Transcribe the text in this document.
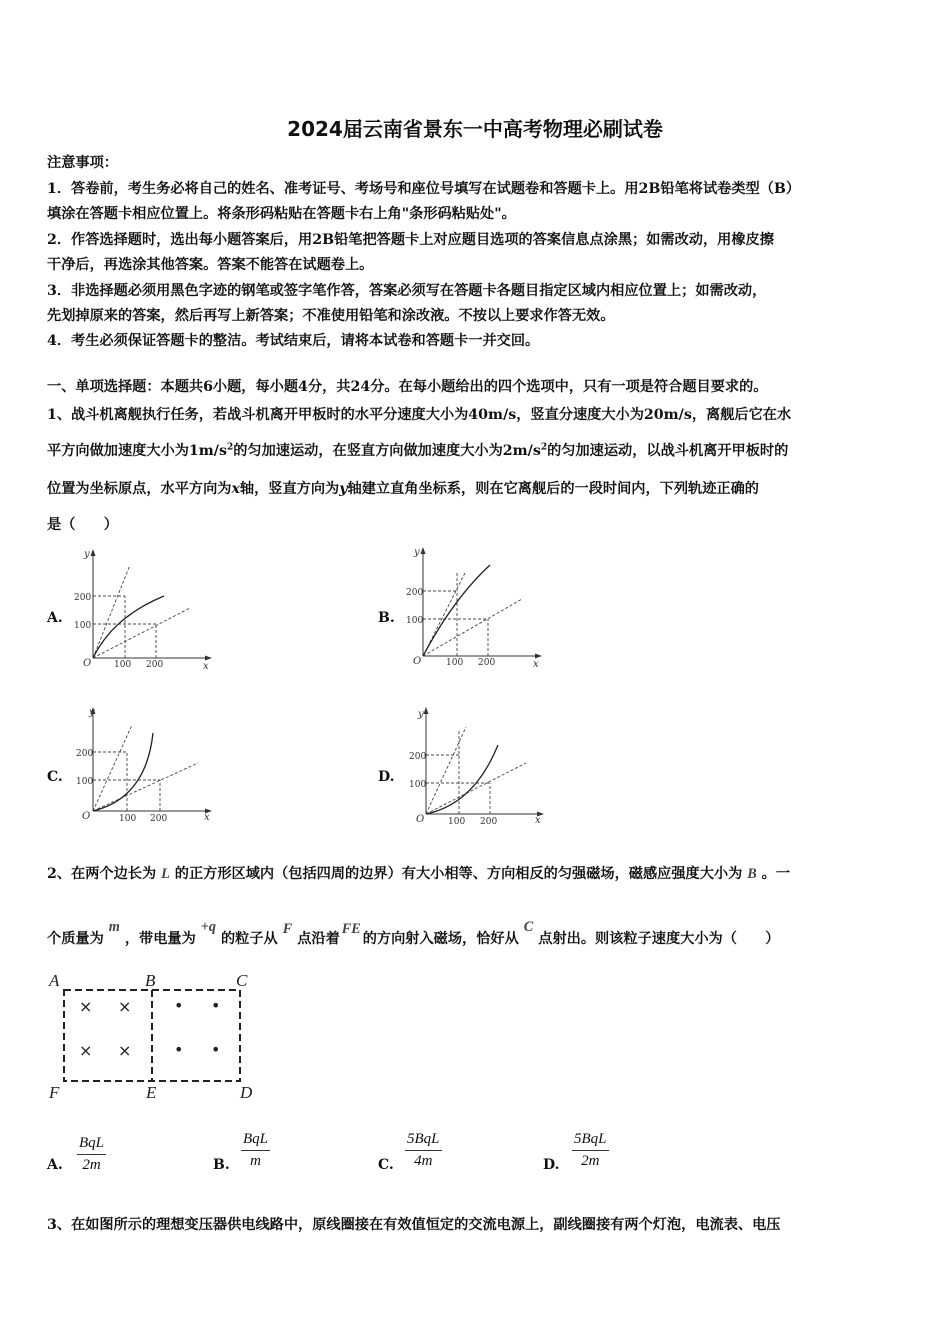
2024届云南省景东一中高考物理必刷试卷
注意事项：
1．答卷前，考生务必将自己的姓名、准考证号、考场号和座位号填写在试题卷和答题卡上。用2B铅笔将试卷类型（B）
填涂在答题卡相应位置上。将条形码粘贴在答题卡右上角"条形码粘贴处"。
2．作答选择题时，选出每小题答案后，用2B铅笔把答题卡上对应题目选项的答案信息点涂黑；如需改动，用橡皮擦
干净后，再选涂其他答案。答案不能答在试题卷上。
3．非选择题必须用黑色字迹的钢笔或签字笔作答，答案必须写在答题卡各题目指定区域内相应位置上；如需改动，
先划掉原来的答案，然后再写上新答案；不准使用铅笔和涂改液。不按以上要求作答无效。
4．考生必须保证答题卡的整洁。考试结束后，请将本试卷和答题卡一并交回。
一、单项选择题：本题共6小题，每小题4分，共24分。在每小题给出的四个选项中，只有一项是符合题目要求的。
1、战斗机离舰执行任务，若战斗机离开甲板时的水平分速度大小为40m/s，竖直分速度大小为20m/s，离舰后它在水
平方向做加速度大小为$1m/s^2$的匀加速运动，在竖直方向做加速度大小为$2m/s^2$的匀加速运动，以战斗机离开甲板时的
位置为坐标原点，水平方向为x轴，竖直方向为y轴建立直角坐标系，则在它离舰后的一段时间内，下列轨迹正确的
是（　　）
A.	B.
C.	D.
y
x
O
200
100
100 200
y
x
O
200
100
100 200
y
x
O
200
100
100 200
y
x
O
200
100
100 200
2、在两个边长为 L 的正方形区域内（包括四周的边界）有大小相等、方向相反的匀强磁场，磁感应强度大小为 B 。一
个质量为m，带电量为+q的粒子从F点沿着FE的方向射入磁场，恰好从C点射出。则该粒子速度大小为（　　）
A	B	C
D
E
F
× ×
× ×
• •
• •
A.
BqL
2m	B.
BqL
m	C.
5BqL
4m	D.
5BqL
2m
3、在如图所示的理想变压器供电线路中，原线圈接在有效值恒定的交流电源上，副线圈接有两个灯泡，电流表、电压
